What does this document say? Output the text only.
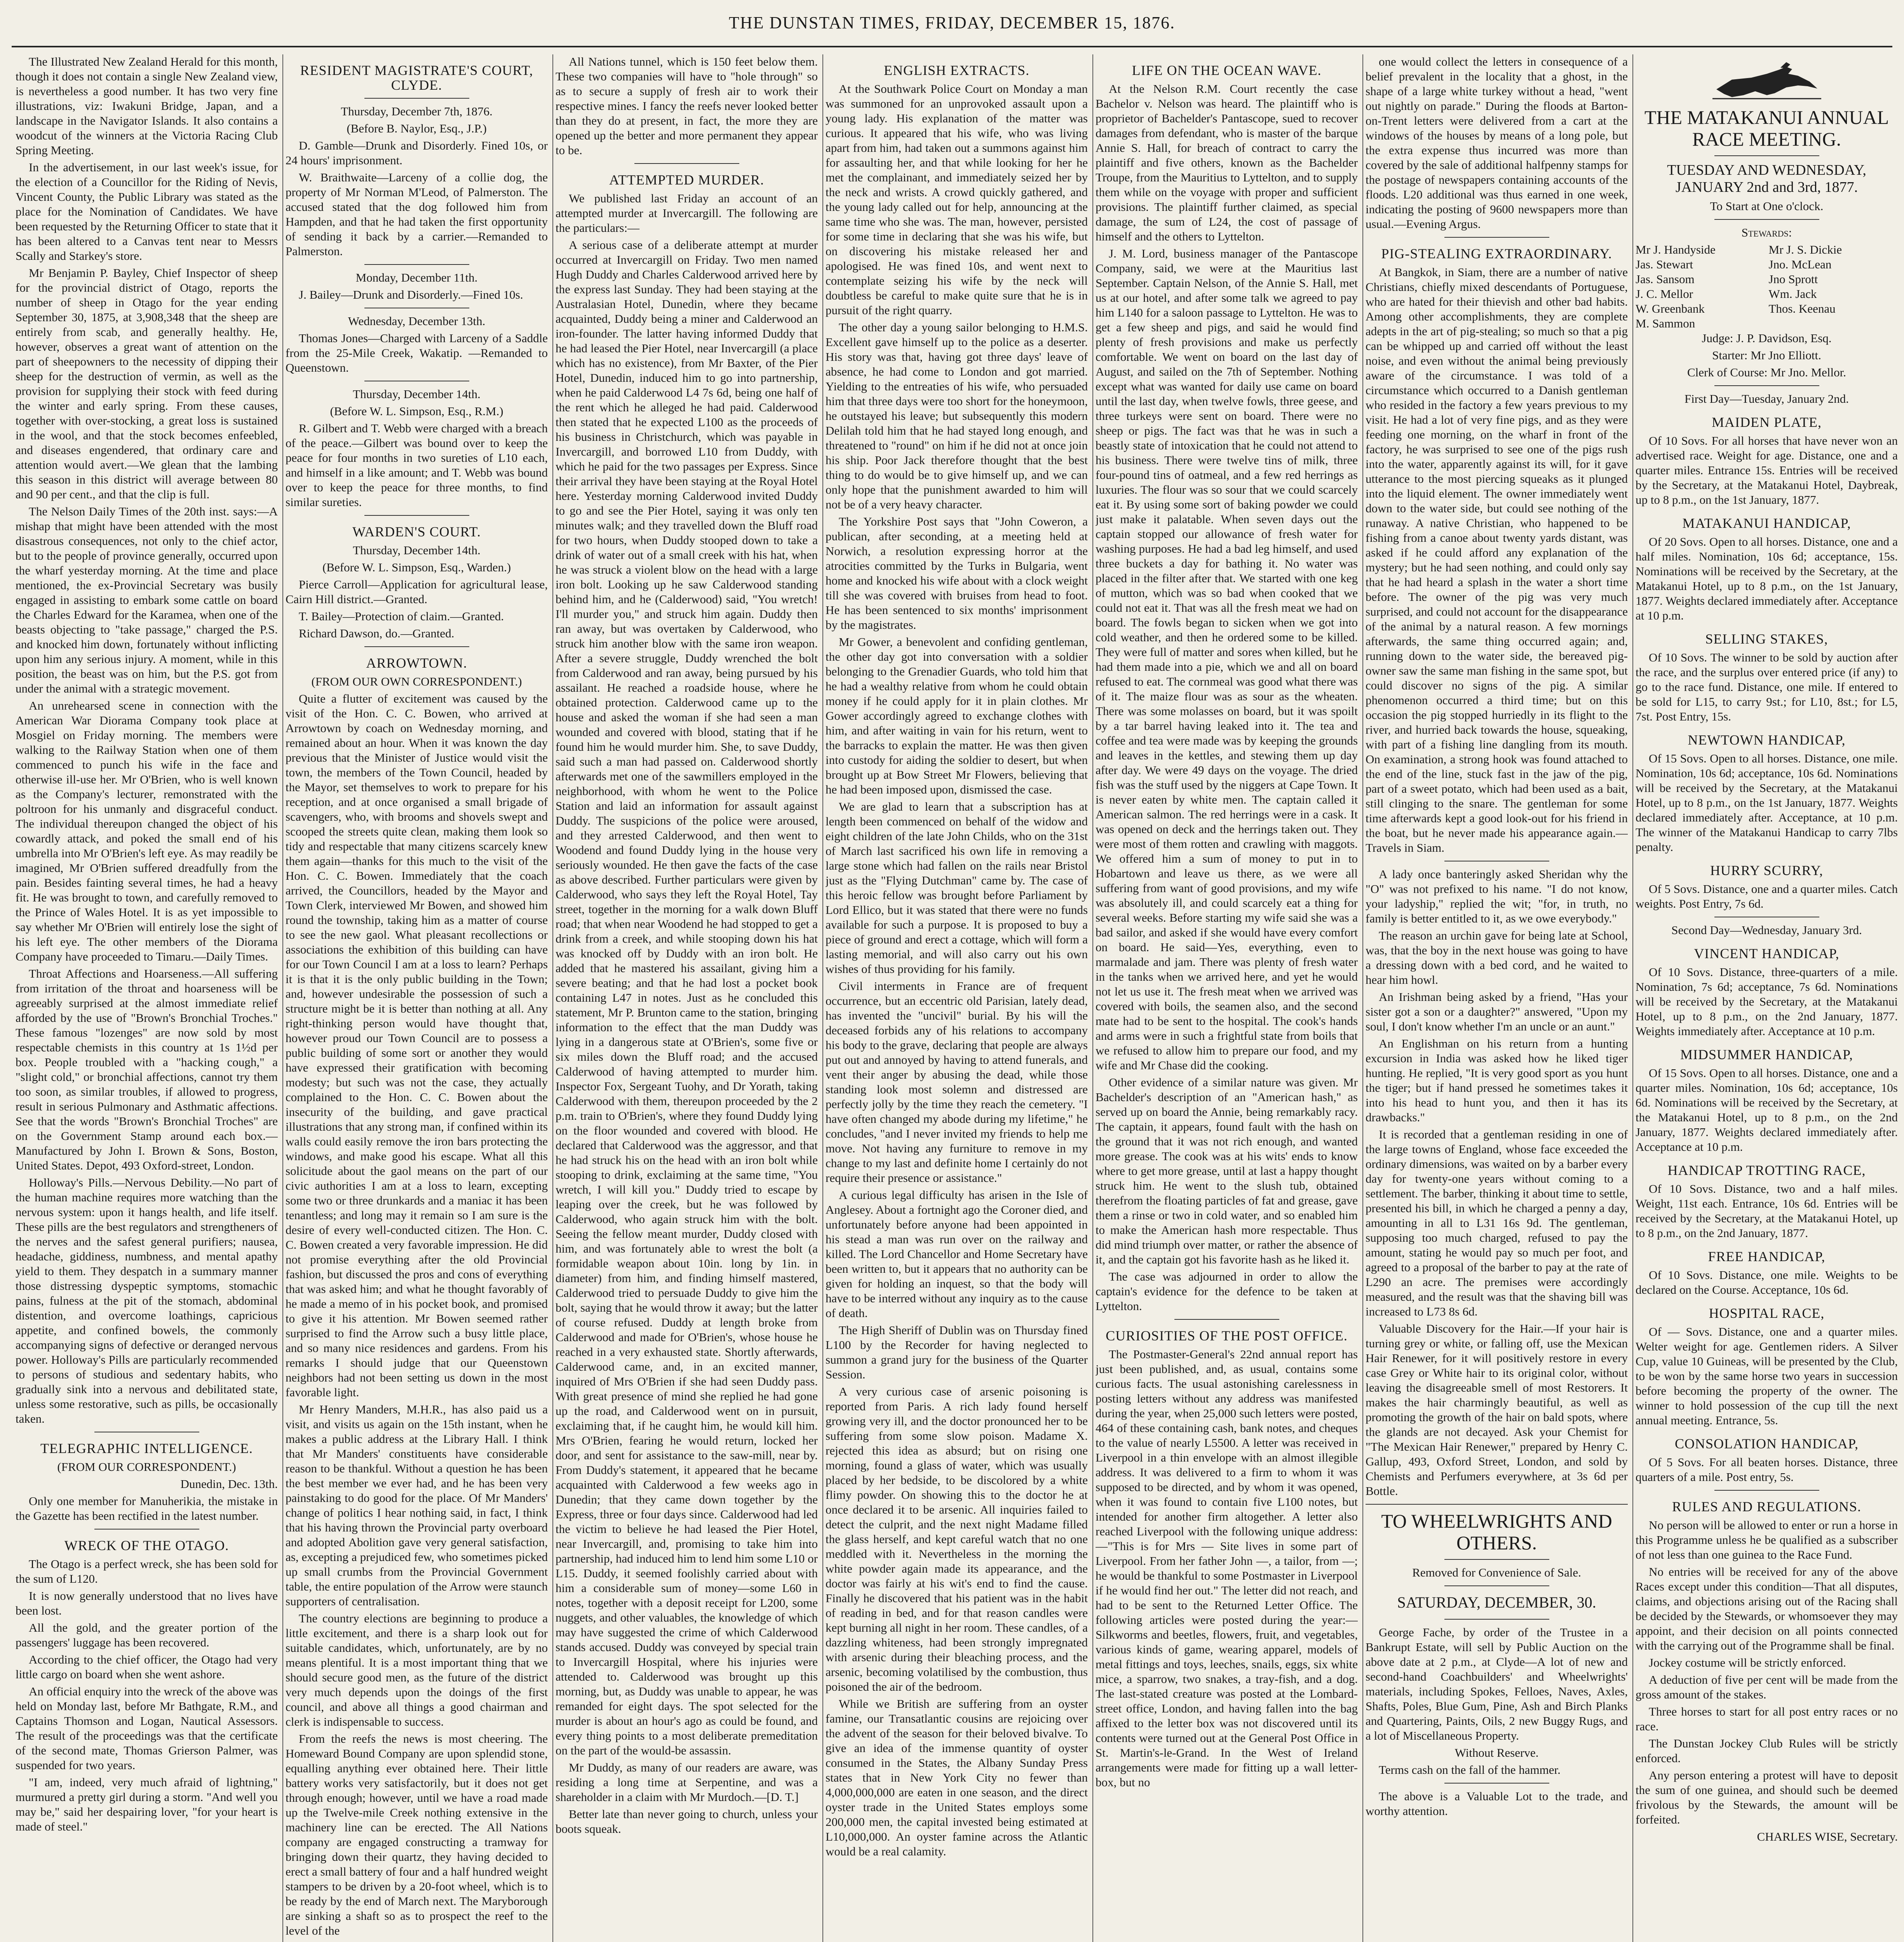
THE DUNSTAN TIMES, FRIDAY, DECEMBER 15, 1876.

The Illustrated New Zealand Herald for this month, though it does not contain a single New Zealand view, is nevertheless a good number. It has two very fine illustrations, viz: Iwakuni Bridge, Japan, and a landscape in the Navigator Islands. It also contains a woodcut of the winners at the Victoria Racing Club Spring Meeting.

In the advertisement, in our last week's issue, for the election of a Councillor for the Riding of Nevis, Vincent County, the Public Library was stated as the place for the Nomination of Candidates. We have been requested by the Returning Officer to state that it has been altered to a Canvas tent near to Messrs Scally and Starkey's store.

Mr Benjamin P. Bayley, Chief Inspector of sheep for the provincial district of Otago, reports the number of sheep in Otago for the year ending September 30, 1875, at 3,908,348 that the sheep are entirely from scab, and generally healthy. He, however, observes a great want of attention on the part of sheepowners to the necessity of dipping their sheep for the destruction of vermin, as well as the provision for supplying their stock with feed during the winter and early spring. From these causes, together with over-stocking, a great loss is sustained in the wool, and that the stock becomes enfeebled, and diseases engendered, that ordinary care and attention would avert.—We glean that the lambing this season in this district will average between 80 and 90 per cent., and that the clip is full.

The Nelson Daily Times of the 20th inst. says:—A mishap that might have been attended with the most disastrous consequences, not only to the chief actor, but to the people of province generally, occurred upon the wharf yesterday morning. At the time and place mentioned, the ex-Provincial Secretary was busily engaged in assisting to embark some cattle on board the Charles Edward for the Karamea, when one of the beasts objecting to "take passage," charged the P.S. and knocked him down, fortunately without inflicting upon him any serious injury. A moment, while in this position, the beast was on him, but the P.S. got from under the animal with a strategic movement.

An unrehearsed scene in connection with the American War Diorama Company took place at Mosgiel on Friday morning. The members were walking to the Railway Station when one of them commenced to punch his wife in the face and otherwise ill-use her. Mr O'Brien, who is well known as the Company's lecturer, remonstrated with the poltroon for his unmanly and disgraceful conduct. The individual thereupon changed the object of his cowardly attack, and poked the small end of his umbrella into Mr O'Brien's left eye. As may readily be imagined, Mr O'Brien suffered dreadfully from the pain. Besides fainting several times, he had a heavy fit. He was brought to town, and carefully removed to the Prince of Wales Hotel. It is as yet impossible to say whether Mr O'Brien will entirely lose the sight of his left eye. The other members of the Diorama Company have proceeded to Timaru.—Daily Times.

Throat Affections and Hoarseness.—All suffering from irritation of the throat and hoarseness will be agreeably surprised at the almost immediate relief afforded by the use of "Brown's Bronchial Troches." These famous "lozenges" are now sold by most respectable chemists in this country at 1s 1½d per box. People troubled with a "hacking cough," a "slight cold," or bronchial affections, cannot try them too soon, as similar troubles, if allowed to progress, result in serious Pulmonary and Asthmatic affections. See that the words "Brown's Bronchial Troches" are on the Government Stamp around each box.—Manufactured by John I. Brown & Sons, Boston, United States. Depot, 493 Oxford-street, London.

Holloway's Pills.—Nervous Debility.—No part of the human machine requires more watching than the nervous system: upon it hangs health, and life itself. These pills are the best regulators and strengtheners of the nerves and the safest general purifiers; nausea, headache, giddiness, numbness, and mental apathy yield to them. They despatch in a summary manner those distressing dyspeptic symptoms, stomachic pains, fulness at the pit of the stomach, abdominal distention, and overcome loathings, capricious appetite, and confined bowels, the commonly accompanying signs of defective or deranged nervous power. Holloway's Pills are particularly recommended to persons of studious and sedentary habits, who gradually sink into a nervous and debilitated state, unless some restorative, such as pills, be occasionally taken.

TELEGRAPHIC INTELLIGENCE.
(FROM OUR CORRESPONDENT.)

Dunedin, Dec. 13th.

Only one member for Manuherikia, the mistake in the Gazette has been rectified in the latest number.

WRECK OF THE OTAGO.

The Otago is a perfect wreck, she has been sold for the sum of L120.

It is now generally understood that no lives have been lost.

All the gold, and the greater portion of the passengers' luggage has been recovered.

According to the chief officer, the Otago had very little cargo on board when she went ashore.

An official enquiry into the wreck of the above was held on Monday last, before Mr Bathgate, R.M., and Captains Thomson and Logan, Nautical Assessors. The result of the proceedings was that the certificate of the second mate, Thomas Grierson Palmer, was suspended for two years.

"I am, indeed, very much afraid of lightning," murmured a pretty girl during a storm. "And well you may be," said her despairing lover, "for your heart is made of steel."

RESIDENT MAGISTRATE'S COURT, CLYDE.
Thursday, December 7th, 1876.
(Before B. Naylor, Esq., J.P.)

D. Gamble—Drunk and Disorderly. Fined 10s, or 24 hours' imprisonment.

W. Braithwaite—Larceny of a collie dog, the property of Mr Norman M'Leod, of Palmerston. The accused stated that the dog followed him from Hampden, and that he had taken the first opportunity of sending it back by a carrier.—Remanded to Palmerston.

Monday, December 11th.

J. Bailey—Drunk and Disorderly.—Fined 10s.

Wednesday, December 13th.

Thomas Jones—Charged with Larceny of a Saddle from the 25-Mile Creek, Wakatip. —Remanded to Queenstown.

Thursday, December 14th.
(Before W. L. Simpson, Esq., R.M.)

R. Gilbert and T. Webb were charged with a breach of the peace.—Gilbert was bound over to keep the peace for four months in two sureties of L10 each, and himself in a like amount; and T. Webb was bound over to keep the peace for three months, to find similar sureties.

WARDEN'S COURT.
Thursday, December 14th.
(Before W. L. Simpson, Esq., Warden.)

Pierce Carroll—Application for agricultural lease, Cairn Hill district.—Granted.

T. Bailey—Protection of claim.—Granted.

Richard Dawson, do.—Granted.

ARROWTOWN.
(FROM OUR OWN CORRESPONDENT.)

Quite a flutter of excitement was caused by the visit of the Hon. C. C. Bowen, who arrived at Arrowtown by coach on Wednesday morning, and remained about an hour. When it was known the day previous that the Minister of Justice would visit the town, the members of the Town Council, headed by the Mayor, set themselves to work to prepare for his reception, and at once organised a small brigade of scavengers, who, with brooms and shovels swept and scooped the streets quite clean, making them look so tidy and respectable that many citizens scarcely knew them again—thanks for this much to the visit of the Hon. C. C. Bowen. Immediately that the coach arrived, the Councillors, headed by the Mayor and Town Clerk, interviewed Mr Bowen, and showed him round the township, taking him as a matter of course to see the new gaol. What pleasant recollections or associations the exhibition of this building can have for our Town Council I am at a loss to learn? Perhaps it is that it is the only public building in the Town; and, however undesirable the possession of such a structure might be it is better than nothing at all. Any right-thinking person would have thought that, however proud our Town Council are to possess a public building of some sort or another they would have expressed their gratification with becoming modesty; but such was not the case, they actually complained to the Hon. C. C. Bowen about the insecurity of the building, and gave practical illustrations that any strong man, if confined within its walls could easily remove the iron bars protecting the windows, and make good his escape. What all this solicitude about the gaol means on the part of our civic authorities I am at a loss to learn, excepting some two or three drunkards and a maniac it has been tenantless; and long may it remain so I am sure is the desire of every well-conducted citizen. The Hon. C. C. Bowen created a very favorable impression. He did not promise everything after the old Provincial fashion, but discussed the pros and cons of everything that was asked him; and what he thought favorably of he made a memo of in his pocket book, and promised to give it his attention. Mr Bowen seemed rather surprised to find the Arrow such a busy little place, and so many nice residences and gardens. From his remarks I should judge that our Queenstown neighbors had not been setting us down in the most favorable light.

Mr Henry Manders, M.H.R., has also paid us a visit, and visits us again on the 15th instant, when he makes a public address at the Library Hall. I think that Mr Manders' constituents have considerable reason to be thankful. Without a question he has been the best member we ever had, and he has been very painstaking to do good for the place. Of Mr Manders' change of politics I hear nothing said, in fact, I think that his having thrown the Provincial party overboard and adopted Abolition gave very general satisfaction, as, excepting a prejudiced few, who sometimes picked up small crumbs from the Provincial Government table, the entire population of the Arrow were staunch supporters of centralisation.

The country elections are beginning to produce a little excitement, and there is a sharp look out for suitable candidates, which, unfortunately, are by no means plentiful. It is a most important thing that we should secure good men, as the future of the district very much depends upon the doings of the first council, and above all things a good chairman and clerk is indispensable to success.

From the reefs the news is most cheering. The Homeward Bound Company are upon splendid stone, equalling anything ever obtained here. Their little battery works very satisfactorily, but it does not get through enough; however, until we have a road made up the Twelve-mile Creek nothing extensive in the machinery line can be erected. The All Nations company are engaged constructing a tramway for bringing down their quartz, they having decided to erect a small battery of four and a half hundred weight stampers to be driven by a 20-foot wheel, which is to be ready by the end of March next. The Maryborough are sinking a shaft so as to prospect the reef to the level of the

All Nations tunnel, which is 150 feet below them. These two companies will have to "hole through" so as to secure a supply of fresh air to work their respective mines. I fancy the reefs never looked better than they do at present, in fact, the more they are opened up the better and more permanent they appear to be.

ATTEMPTED MURDER.

We published last Friday an account of an attempted murder at Invercargill. The following are the particulars:—

A serious case of a deliberate attempt at murder occurred at Invercargill on Friday. Two men named Hugh Duddy and Charles Calderwood arrived here by the express last Sunday. They had been staying at the Australasian Hotel, Dunedin, where they became acquainted, Duddy being a miner and Calderwood an iron-founder. The latter having informed Duddy that he had leased the Pier Hotel, near Invercargill (a place which has no existence), from Mr Baxter, of the Pier Hotel, Dunedin, induced him to go into partnership, when he paid Calderwood L4 7s 6d, being one half of the rent which he alleged he had paid. Calderwood then stated that he expected L100 as the proceeds of his business in Christchurch, which was payable in Invercargill, and borrowed L10 from Duddy, with which he paid for the two passages per Express. Since their arrival they have been staying at the Royal Hotel here. Yesterday morning Calderwood invited Duddy to go and see the Pier Hotel, saying it was only ten minutes walk; and they travelled down the Bluff road for two hours, when Duddy stooped down to take a drink of water out of a small creek with his hat, when he was struck a violent blow on the head with a large iron bolt. Looking up he saw Calderwood standing behind him, and he (Calderwood) said, "You wretch! I'll murder you," and struck him again. Duddy then ran away, but was overtaken by Calderwood, who struck him another blow with the same iron weapon. After a severe struggle, Duddy wrenched the bolt from Calderwood and ran away, being pursued by his assailant. He reached a roadside house, where he obtained protection. Calderwood came up to the house and asked the woman if she had seen a man wounded and covered with blood, stating that if he found him he would murder him. She, to save Duddy, said such a man had passed on. Calderwood shortly afterwards met one of the sawmillers employed in the neighborhood, with whom he went to the Police Station and laid an information for assault against Duddy. The suspicions of the police were aroused, and they arrested Calderwood, and then went to Woodend and found Duddy lying in the house very seriously wounded. He then gave the facts of the case as above described. Further particulars were given by Calderwood, who says they left the Royal Hotel, Tay street, together in the morning for a walk down Bluff road; that when near Woodend he had stopped to get a drink from a creek, and while stooping down his hat was knocked off by Duddy with an iron bolt. He added that he mastered his assailant, giving him a severe beating; and that he had lost a pocket book containing L47 in notes. Just as he concluded this statement, Mr P. Brunton came to the station, bringing information to the effect that the man Duddy was lying in a dangerous state at O'Brien's, some five or six miles down the Bluff road; and the accused Calderwood of having attempted to murder him. Inspector Fox, Sergeant Tuohy, and Dr Yorath, taking Calderwood with them, thereupon proceeded by the 2 p.m. train to O'Brien's, where they found Duddy lying on the floor wounded and covered with blood. He declared that Calderwood was the aggressor, and that he had struck his on the head with an iron bolt while stooping to drink, exclaiming at the same time, "You wretch, I will kill you." Duddy tried to escape by leaping over the creek, but he was followed by Calderwood, who again struck him with the bolt. Seeing the fellow meant murder, Duddy closed with him, and was fortunately able to wrest the bolt (a formidable weapon about 10in. long by 1in. in diameter) from him, and finding himself mastered, Calderwood tried to persuade Duddy to give him the bolt, saying that he would throw it away; but the latter of course refused. Duddy at length broke from Calderwood and made for O'Brien's, whose house he reached in a very exhausted state. Shortly afterwards, Calderwood came, and, in an excited manner, inquired of Mrs O'Brien if she had seen Duddy pass. With great presence of mind she replied he had gone up the road, and Calderwood went on in pursuit, exclaiming that, if he caught him, he would kill him. Mrs O'Brien, fearing he would return, locked her door, and sent for assistance to the saw-mill, near by. From Duddy's statement, it appeared that he became acquainted with Calderwood a few weeks ago in Dunedin; that they came down together by the Express, three or four days since. Calderwood had led the victim to believe he had leased the Pier Hotel, near Invercargill, and, promising to take him into partnership, had induced him to lend him some L10 or L15. Duddy, it seemed foolishly carried about with him a considerable sum of money—some L60 in notes, together with a deposit receipt for L200, some nuggets, and other valuables, the knowledge of which may have suggested the crime of which Calderwood stands accused. Duddy was conveyed by special train to Invercargill Hospital, where his injuries were attended to. Calderwood was brought up this morning, but, as Duddy was unable to appear, he was remanded for eight days. The spot selected for the murder is about an hour's ago as could be found, and every thing points to a most deliberate premeditation on the part of the would-be assassin.

Mr Duddy, as many of our readers are aware, was residing a long time at Serpentine, and was a shareholder in a claim with Mr Murdoch.—[D. T.]

Better late than never going to church, unless your boots squeak.

ENGLISH EXTRACTS.

At the Southwark Police Court on Monday a man was summoned for an unprovoked assault upon a young lady. His explanation of the matter was curious. It appeared that his wife, who was living apart from him, had taken out a summons against him for assaulting her, and that while looking for her he met the complainant, and immediately seized her by the neck and wrists. A crowd quickly gathered, and the young lady called out for help, announcing at the same time who she was. The man, however, persisted for some time in declaring that she was his wife, but on discovering his mistake released her and apologised. He was fined 10s, and went next to contemplate seizing his wife by the neck will doubtless be careful to make quite sure that he is in pursuit of the right quarry.

The other day a young sailor belonging to H.M.S. Excellent gave himself up to the police as a deserter. His story was that, having got three days' leave of absence, he had come to London and got married. Yielding to the entreaties of his wife, who persuaded him that three days were too short for the honeymoon, he outstayed his leave; but subsequently this modern Delilah told him that he had stayed long enough, and threatened to "round" on him if he did not at once join his ship. Poor Jack therefore thought that the best thing to do would be to give himself up, and we can only hope that the punishment awarded to him will not be of a very heavy character.

The Yorkshire Post says that "John Coweron, a publican, after seconding, at a meeting held at Norwich, a resolution expressing horror at the atrocities committed by the Turks in Bulgaria, went home and knocked his wife about with a clock weight till she was covered with bruises from head to foot. He has been sentenced to six months' imprisonment by the magistrates.

Mr Gower, a benevolent and confiding gentleman, the other day got into conversation with a soldier belonging to the Grenadier Guards, who told him that he had a wealthy relative from whom he could obtain money if he could apply for it in plain clothes. Mr Gower accordingly agreed to exchange clothes with him, and after waiting in vain for his return, went to the barracks to explain the matter. He was then given into custody for aiding the soldier to desert, but when brought up at Bow Street Mr Flowers, believing that he had been imposed upon, dismissed the case.

We are glad to learn that a subscription has at length been commenced on behalf of the widow and eight children of the late John Childs, who on the 31st of March last sacrificed his own life in removing a large stone which had fallen on the rails near Bristol just as the "Flying Dutchman" came by. The case of this heroic fellow was brought before Parliament by Lord Ellico, but it was stated that there were no funds available for such a purpose. It is proposed to buy a piece of ground and erect a cottage, which will form a lasting memorial, and will also carry out his own wishes of thus providing for his family.

Civil interments in France are of frequent occurrence, but an eccentric old Parisian, lately dead, has invented the "uncivil" burial. By his will the deceased forbids any of his relations to accompany his body to the grave, declaring that people are always put out and annoyed by having to attend funerals, and vent their anger by abusing the dead, while those standing look most solemn and distressed are perfectly jolly by the time they reach the cemetery. "I have often changed my abode during my lifetime," he concludes, "and I never invited my friends to help me move. Not having any furniture to remove in my change to my last and definite home I certainly do not require their presence or assistance."

A curious legal difficulty has arisen in the Isle of Anglesey. About a fortnight ago the Coroner died, and unfortunately before anyone had been appointed in his stead a man was run over on the railway and killed. The Lord Chancellor and Home Secretary have been written to, but it appears that no authority can be given for holding an inquest, so that the body will have to be interred without any inquiry as to the cause of death.

The High Sheriff of Dublin was on Thursday fined L100 by the Recorder for having neglected to summon a grand jury for the business of the Quarter Session.

A very curious case of arsenic poisoning is reported from Paris. A rich lady found herself growing very ill, and the doctor pronounced her to be suffering from some slow poison. Madame X. rejected this idea as absurd; but on rising one morning, found a glass of water, which was usually placed by her bedside, to be discolored by a white flimy powder. On showing this to the doctor he at once declared it to be arsenic. All inquiries failed to detect the culprit, and the next night Madame filled the glass herself, and kept careful watch that no one meddled with it. Nevertheless in the morning the white powder again made its appearance, and the doctor was fairly at his wit's end to find the cause. Finally he discovered that his patient was in the habit of reading in bed, and for that reason candles were kept burning all night in her room. These candles, of a dazzling whiteness, had been strongly impregnated with arsenic during their bleaching process, and the arsenic, becoming volatilised by the combustion, thus poisoned the air of the bedroom.

While we British are suffering from an oyster famine, our Transatlantic cousins are rejoicing over the advent of the season for their beloved bivalve. To give an idea of the immense quantity of oyster consumed in the States, the Albany Sunday Press states that in New York City no fewer than 4,000,000,000 are eaten in one season, and the direct oyster trade in the United States employs some 200,000 men, the capital invested being estimated at L10,000,000. An oyster famine across the Atlantic would be a real calamity.

LIFE ON THE OCEAN WAVE.

At the Nelson R.M. Court recently the case Bachelor v. Nelson was heard. The plaintiff who is proprietor of Bachelder's Pantascope, sued to recover damages from defendant, who is master of the barque Annie S. Hall, for breach of contract to carry the plaintiff and five others, known as the Bachelder Troupe, from the Mauritius to Lyttelton, and to supply them while on the voyage with proper and sufficient provisions. The plaintiff further claimed, as special damage, the sum of L24, the cost of passage of himself and the others to Lyttelton.

J. M. Lord, business manager of the Pantascope Company, said, we were at the Mauritius last September. Captain Nelson, of the Annie S. Hall, met us at our hotel, and after some talk we agreed to pay him L140 for a saloon passage to Lyttelton. He was to get a few sheep and pigs, and said he would find plenty of fresh provisions and make us perfectly comfortable. We went on board on the last day of August, and sailed on the 7th of September. Nothing except what was wanted for daily use came on board until the last day, when twelve fowls, three geese, and three turkeys were sent on board. There were no sheep or pigs. The fact was that he was in such a beastly state of intoxication that he could not attend to his business. There were twelve tins of milk, three four-pound tins of oatmeal, and a few red herrings as luxuries. The flour was so sour that we could scarcely eat it. By using some sort of baking powder we could just make it palatable. When seven days out the captain stopped our allowance of fresh water for washing purposes. He had a bad leg himself, and used three buckets a day for bathing it. No water was placed in the filter after that. We started with one keg of mutton, which was so bad when cooked that we could not eat it. That was all the fresh meat we had on board. The fowls began to sicken when we got into cold weather, and then he ordered some to be killed. They were full of matter and sores when killed, but he had them made into a pie, which we and all on board refused to eat. The cornmeal was good what there was of it. The maize flour was as sour as the wheaten. There was some molasses on board, but it was spoilt by a tar barrel having leaked into it. The tea and coffee and tea were made was by keeping the grounds and leaves in the kettles, and stewing them up day after day. We were 49 days on the voyage. The dried fish was the stuff used by the niggers at Cape Town. It is never eaten by white men. The captain called it American salmon. The red herrings were in a cask. It was opened on deck and the herrings taken out. They were most of them rotten and crawling with maggots. We offered him a sum of money to put in to Hobartown and leave us there, as we were all suffering from want of good provisions, and my wife was absolutely ill, and could scarcely eat a thing for several weeks. Before starting my wife said she was a bad sailor, and asked if she would have every comfort on board. He said—Yes, everything, even to marmalade and jam. There was plenty of fresh water in the tanks when we arrived here, and yet he would not let us use it. The fresh meat when we arrived was covered with boils, the seamen also, and the second mate had to be sent to the hospital. The cook's hands and arms were in such a frightful state from boils that we refused to allow him to prepare our food, and my wife and Mr Chase did the cooking.

Other evidence of a similar nature was given. Mr Bachelder's description of an "American hash," as served up on board the Annie, being remarkably racy. The captain, it appears, found fault with the hash on the ground that it was not rich enough, and wanted more grease. The cook was at his wits' ends to know where to get more grease, until at last a happy thought struck him. He went to the slush tub, obtained therefrom the floating particles of fat and grease, gave them a rinse or two in cold water, and so enabled him to make the American hash more respectable. Thus did mind triumph over matter, or rather the absence of it, and the captain got his favorite hash as he liked it.

The case was adjourned in order to allow the captain's evidence for the defence to be taken at Lyttelton.

CURIOSITIES OF THE POST OFFICE.

The Postmaster-General's 22nd annual report has just been published, and, as usual, contains some curious facts. The usual astonishing carelessness in posting letters without any address was manifested during the year, when 25,000 such letters were posted, 464 of these containing cash, bank notes, and cheques to the value of nearly L5500. A letter was received in Liverpool in a thin envelope with an almost illegible address. It was delivered to a firm to whom it was supposed to be directed, and by whom it was opened, when it was found to contain five L100 notes, but intended for another firm altogether. A letter also reached Liverpool with the following unique address:—"This is for Mrs — Site lives in some part of Liverpool. From her father John —, a tailor, from —; he would be thankful to some Postmaster in Liverpool if he would find her out." The letter did not reach, and had to be sent to the Returned Letter Office. The following articles were posted during the year:—Silkworms and beetles, flowers, fruit, and vegetables, various kinds of game, wearing apparel, models of metal fittings and toys, leeches, snails, eggs, six white mice, a sparrow, two snakes, a tray-fish, and a dog. The last-stated creature was posted at the Lombard-street office, London, and having fallen into the bag affixed to the letter box was not discovered until its contents were turned out at the General Post Office in St. Martin's-le-Grand. In the West of Ireland arrangements were made for fitting up a wall letter-box, but no

one would collect the letters in consequence of a belief prevalent in the locality that a ghost, in the shape of a large white turkey without a head, "went out nightly on parade." During the floods at Barton-on-Trent letters were delivered from a cart at the windows of the houses by means of a long pole, but the extra expense thus incurred was more than covered by the sale of additional halfpenny stamps for the postage of newspapers containing accounts of the floods. L20 additional was thus earned in one week, indicating the posting of 9600 newspapers more than usual.—Evening Argus.

PIG-STEALING EXTRAORDINARY.

At Bangkok, in Siam, there are a number of native Christians, chiefly mixed descendants of Portuguese, who are hated for their thievish and other bad habits. Among other accomplishments, they are complete adepts in the art of pig-stealing; so much so that a pig can be whipped up and carried off without the least noise, and even without the animal being previously aware of the circumstance. I was told of a circumstance which occurred to a Danish gentleman who resided in the factory a few years previous to my visit. He had a lot of very fine pigs, and as they were feeding one morning, on the wharf in front of the factory, he was surprised to see one of the pigs rush into the water, apparently against its will, for it gave utterance to the most piercing squeaks as it plunged into the liquid element. The owner immediately went down to the water side, but could see nothing of the runaway. A native Christian, who happened to be fishing from a canoe about twenty yards distant, was asked if he could afford any explanation of the mystery; but he had seen nothing, and could only say that he had heard a splash in the water a short time before. The owner of the pig was very much surprised, and could not account for the disappearance of the animal by a natural reason. A few mornings afterwards, the same thing occurred again; and, running down to the water side, the bereaved pig-owner saw the same man fishing in the same spot, but could discover no signs of the pig. A similar phenomenon occurred a third time; but on this occasion the pig stopped hurriedly in its flight to the river, and hurried back towards the house, squeaking, with part of a fishing line dangling from its mouth. On examination, a strong hook was found attached to the end of the line, stuck fast in the jaw of the pig, part of a sweet potato, which had been used as a bait, still clinging to the snare. The gentleman for some time afterwards kept a good look-out for his friend in the boat, but he never made his appearance again.—Travels in Siam.

A lady once banteringly asked Sheridan why the "O" was not prefixed to his name. "I do not know, your ladyship," replied the wit; "for, in truth, no family is better entitled to it, as we owe everybody."

The reason an urchin gave for being late at School, was, that the boy in the next house was going to have a dressing down with a bed cord, and he waited to hear him howl.

An Irishman being asked by a friend, "Has your sister got a son or a daughter?" answered, "Upon my soul, I don't know whether I'm an uncle or an aunt."

An Englishman on his return from a hunting excursion in India was asked how he liked tiger hunting. He replied, "It is very good sport as you hunt the tiger; but if hand pressed he sometimes takes it into his head to hunt you, and then it has its drawbacks."

It is recorded that a gentleman residing in one of the large towns of England, whose face exceeded the ordinary dimensions, was waited on by a barber every day for twenty-one years without coming to a settlement. The barber, thinking it about time to settle, presented his bill, in which he charged a penny a day, amounting in all to L31 16s 9d. The gentleman, supposing too much charged, refused to pay the amount, stating he would pay so much per foot, and agreed to a proposal of the barber to pay at the rate of L290 an acre. The premises were accordingly measured, and the result was that the shaving bill was increased to L73 8s 6d.

Valuable Discovery for the Hair.—If your hair is turning grey or white, or falling off, use the Mexican Hair Renewer, for it will positively restore in every case Grey or White hair to its original color, without leaving the disagreeable smell of most Restorers. It makes the hair charmingly beautiful, as well as promoting the growth of the hair on bald spots, where the glands are not decayed. Ask your Chemist for "The Mexican Hair Renewer," prepared by Henry C. Gallup, 493, Oxford Street, London, and sold by Chemists and Perfumers everywhere, at 3s 6d per Bottle.

TO WHEELWRIGHTS AND OTHERS.

Removed for Convenience of Sale.

SATURDAY, DECEMBER, 30.

George Fache, by order of the Trustee in a Bankrupt Estate, will sell by Public Auction on the above date at 2 p.m., at Clyde—A lot of new and second-hand Coachbuilders' and Wheelwrights' materials, including Spokes, Felloes, Naves, Axles, Shafts, Poles, Blue Gum, Pine, Ash and Birch Planks and Quartering, Paints, Oils, 2 new Buggy Rugs, and a lot of Miscellaneous Property.

Without Reserve.

Terms cash on the fall of the hammer.

The above is a Valuable Lot to the trade, and worthy attention.

THE MATAKANUI ANNUAL RACE MEETING.
TUESDAY AND WEDNESDAY, JANUARY 2nd and 3rd, 1877.

To Start at One o'clock.

Stewards:

Mr J. Handyside	Mr J. S. Dickie
Jas. Stewart	Jno. McLean
Jas. Sansom	Jno Sprott
J. C. Mellor	Wm. Jack
W. Greenbank	Thos. Keenau
M. Sammon

Judge: J. P. Davidson, Esq.

Starter: Mr Jno Elliott.

Clerk of Course: Mr Jno. Mellor.

First Day—Tuesday, January 2nd.

MAIDEN PLATE,

Of 10 Sovs. For all horses that have never won an advertised race. Weight for age. Distance, one and a quarter miles. Entrance 15s. Entries will be received by the Secretary, at the Matakanui Hotel, Daybreak, up to 8 p.m., on the 1st January, 1877.

MATAKANUI HANDICAP,

Of 20 Sovs. Open to all horses. Distance, one and a half miles. Nomination, 10s 6d; acceptance, 15s. Nominations will be received by the Secretary, at the Matakanui Hotel, up to 8 p.m., on the 1st January, 1877. Weights declared immediately after. Acceptance at 10 p.m.

SELLING STAKES,

Of 10 Sovs. The winner to be sold by auction after the race, and the surplus over entered price (if any) to go to the race fund. Distance, one mile. If entered to be sold for L15, to carry 9st.; for L10, 8st.; for L5, 7st. Post Entry, 15s.

NEWTOWN HANDICAP,

Of 15 Sovs. Open to all horses. Distance, one mile. Nomination, 10s 6d; acceptance, 10s 6d. Nominations will be received by the Secretary, at the Matakanui Hotel, up to 8 p.m., on the 1st January, 1877. Weights declared immediately after. Acceptance, at 10 p.m. The winner of the Matakanui Handicap to carry 7lbs penalty.

HURRY SCURRY,

Of 5 Sovs. Distance, one and a quarter miles. Catch weights. Post Entry, 7s 6d.

Second Day—Wednesday, January 3rd.

VINCENT HANDICAP,

Of 10 Sovs. Distance, three-quarters of a mile. Nomination, 7s 6d; acceptance, 7s 6d. Nominations will be received by the Secretary, at the Matakanui Hotel, up to 8 p.m., on the 2nd January, 1877. Weights immediately after. Acceptance at 10 p.m.

MIDSUMMER HANDICAP,

Of 15 Sovs. Open to all horses. Distance, one and a quarter miles. Nomination, 10s 6d; acceptance, 10s 6d. Nominations will be received by the Secretary, at the Matakanui Hotel, up to 8 p.m., on the 2nd January, 1877. Weights declared immediately after. Acceptance at 10 p.m.

HANDICAP TROTTING RACE,

Of 10 Sovs. Distance, two and a half miles. Weight, 11st each. Entrance, 10s 6d. Entries will be received by the Secretary, at the Matakanui Hotel, up to 8 p.m., on the 2nd January, 1877.

FREE HANDICAP,

Of 10 Sovs. Distance, one mile. Weights to be declared on the Course. Acceptance, 10s 6d.

HOSPITAL RACE,

Of — Sovs. Distance, one and a quarter miles. Welter weight for age. Gentlemen riders. A Silver Cup, value 10 Guineas, will be presented by the Club, to be won by the same horse two years in succession before becoming the property of the owner. The winner to hold possession of the cup till the next annual meeting. Entrance, 5s.

CONSOLATION HANDICAP,

Of 5 Sovs. For all beaten horses. Distance, three quarters of a mile. Post entry, 5s.

RULES AND REGULATIONS.

No person will be allowed to enter or run a horse in this Programme unless he be qualified as a subscriber of not less than one guinea to the Race Fund.

No entries will be received for any of the above Races except under this condition—That all disputes, claims, and objections arising out of the Racing shall be decided by the Stewards, or whomsoever they may appoint, and their decision on all points connected with the carrying out of the Programme shall be final.

Jockey costume will be strictly enforced.

A deduction of five per cent will be made from the gross amount of the stakes.

Three horses to start for all post entry races or no race.

The Dunstan Jockey Club Rules will be strictly enforced.

Any person entering a protest will have to deposit the sum of one guinea, and should such be deemed frivolous by the Stewards, the amount will be forfeited.

CHARLES WISE, Secretary.
